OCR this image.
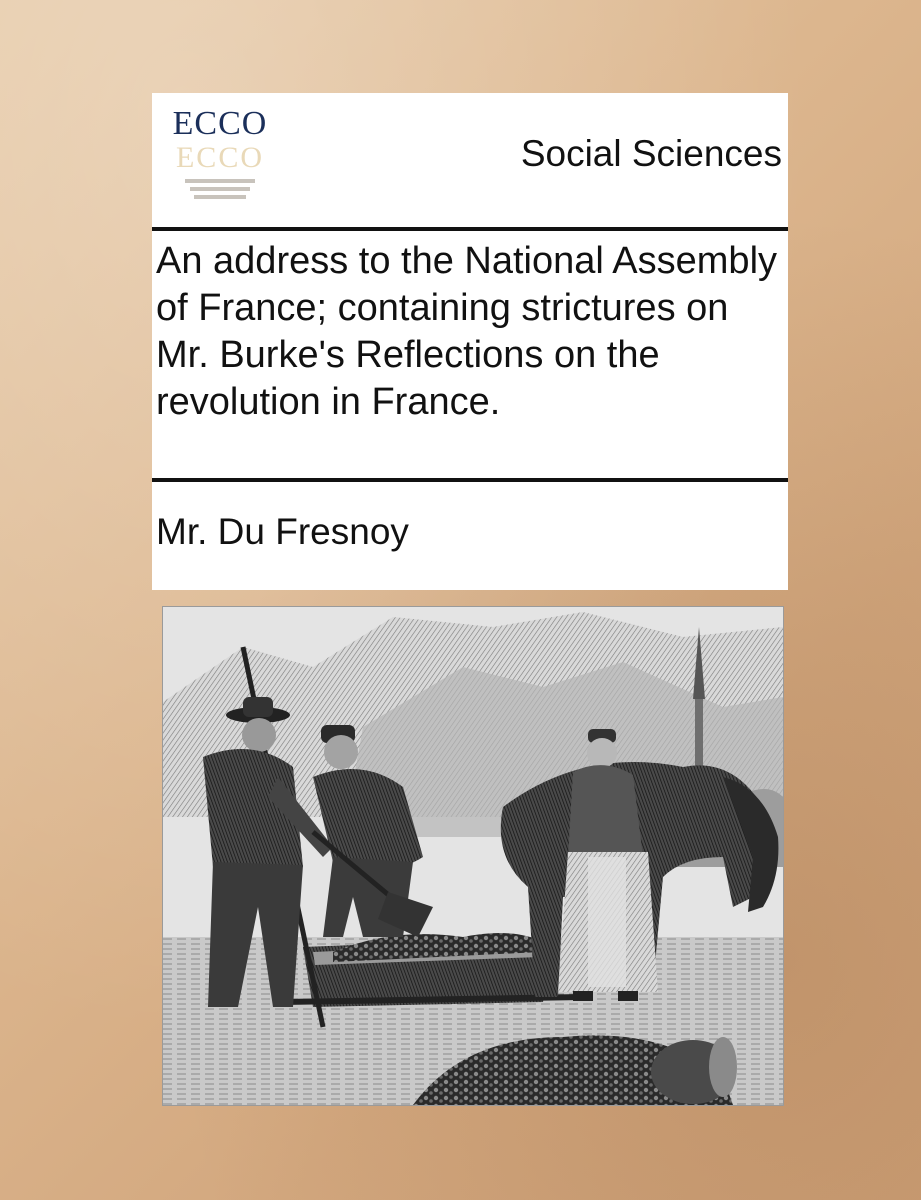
ECCO
ECCO	Social Sciences
An address to the National Assembly of France; containing strictures on Mr. Burke's Reflections on the revolution in France.

Mr. Du Fresnoy
